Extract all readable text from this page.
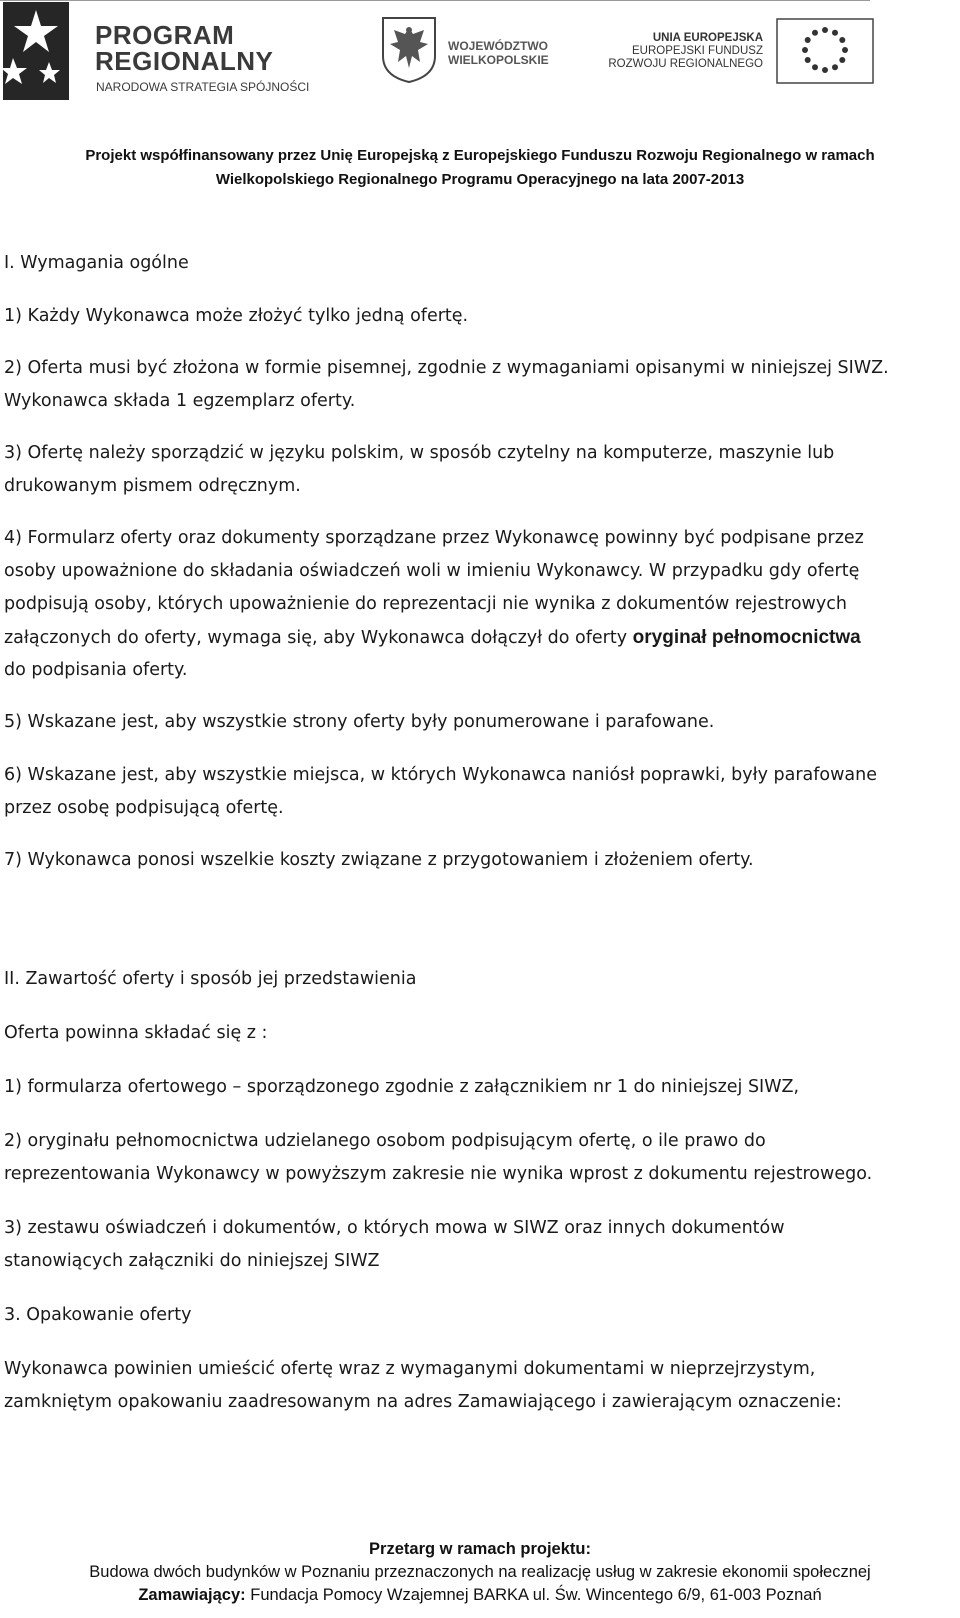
PROGRAM
REGIONALNY
NARODOWA STRATEGIA SPÓJNOŚCI
WOJEWÓDZTWO
WIELKOPOLSKIE
UNIA EUROPEJSKA
EUROPEJSKI FUNDUSZ
ROZWOJU REGIONALNEGO
Projekt współfinansowany przez Unię Europejską z Europejskiego Funduszu Rozwoju Regionalnego w ramach
Wielkopolskiego Regionalnego Programu Operacyjnego na lata 2007-2013
I. Wymagania ogólne
1) Każdy Wykonawca może złożyć tylko jedną ofertę.
2) Oferta musi być złożona w formie pisemnej, zgodnie z wymaganiami opisanymi w niniejszej SIWZ.
Wykonawca składa 1 egzemplarz oferty.
3) Ofertę należy sporządzić w języku polskim, w sposób czytelny na komputerze, maszynie lub
drukowanym pismem odręcznym.
4) Formularz oferty oraz dokumenty sporządzane przez Wykonawcę powinny być podpisane przez
osoby upoważnione do składania oświadczeń woli w imieniu Wykonawcy. W przypadku gdy ofertę
podpisują osoby, których upoważnienie do reprezentacji nie wynika z dokumentów rejestrowych
załączonych do oferty, wymaga się, aby Wykonawca dołączył do oferty oryginał pełnomocnictwa
do podpisania oferty.
5) Wskazane jest, aby wszystkie strony oferty były ponumerowane i parafowane.
6) Wskazane jest, aby wszystkie miejsca, w których Wykonawca naniósł poprawki, były parafowane
przez osobę podpisującą ofertę.
7) Wykonawca ponosi wszelkie koszty związane z przygotowaniem i złożeniem oferty.
II. Zawartość oferty i sposób jej przedstawienia
Oferta powinna składać się z :
1) formularza ofertowego – sporządzonego zgodnie z załącznikiem nr 1 do niniejszej SIWZ,
2) oryginału pełnomocnictwa udzielanego osobom podpisującym ofertę, o ile prawo do
reprezentowania Wykonawcy w powyższym zakresie nie wynika wprost z dokumentu rejestrowego.
3) zestawu oświadczeń i dokumentów, o których mowa w SIWZ oraz innych dokumentów
stanowiących załączniki do niniejszej SIWZ
3. Opakowanie oferty
Wykonawca powinien umieścić ofertę wraz z wymaganymi dokumentami w nieprzejrzystym,
zamkniętym opakowaniu zaadresowanym na adres Zamawiającego i zawierającym oznaczenie:
Przetarg w ramach projektu:
Budowa dwóch budynków w Poznaniu przeznaczonych na realizację usług w zakresie ekonomii społecznej
Zamawiający: Fundacja Pomocy Wzajemnej BARKA ul. Św. Wincentego 6/9, 61-003 Poznań
